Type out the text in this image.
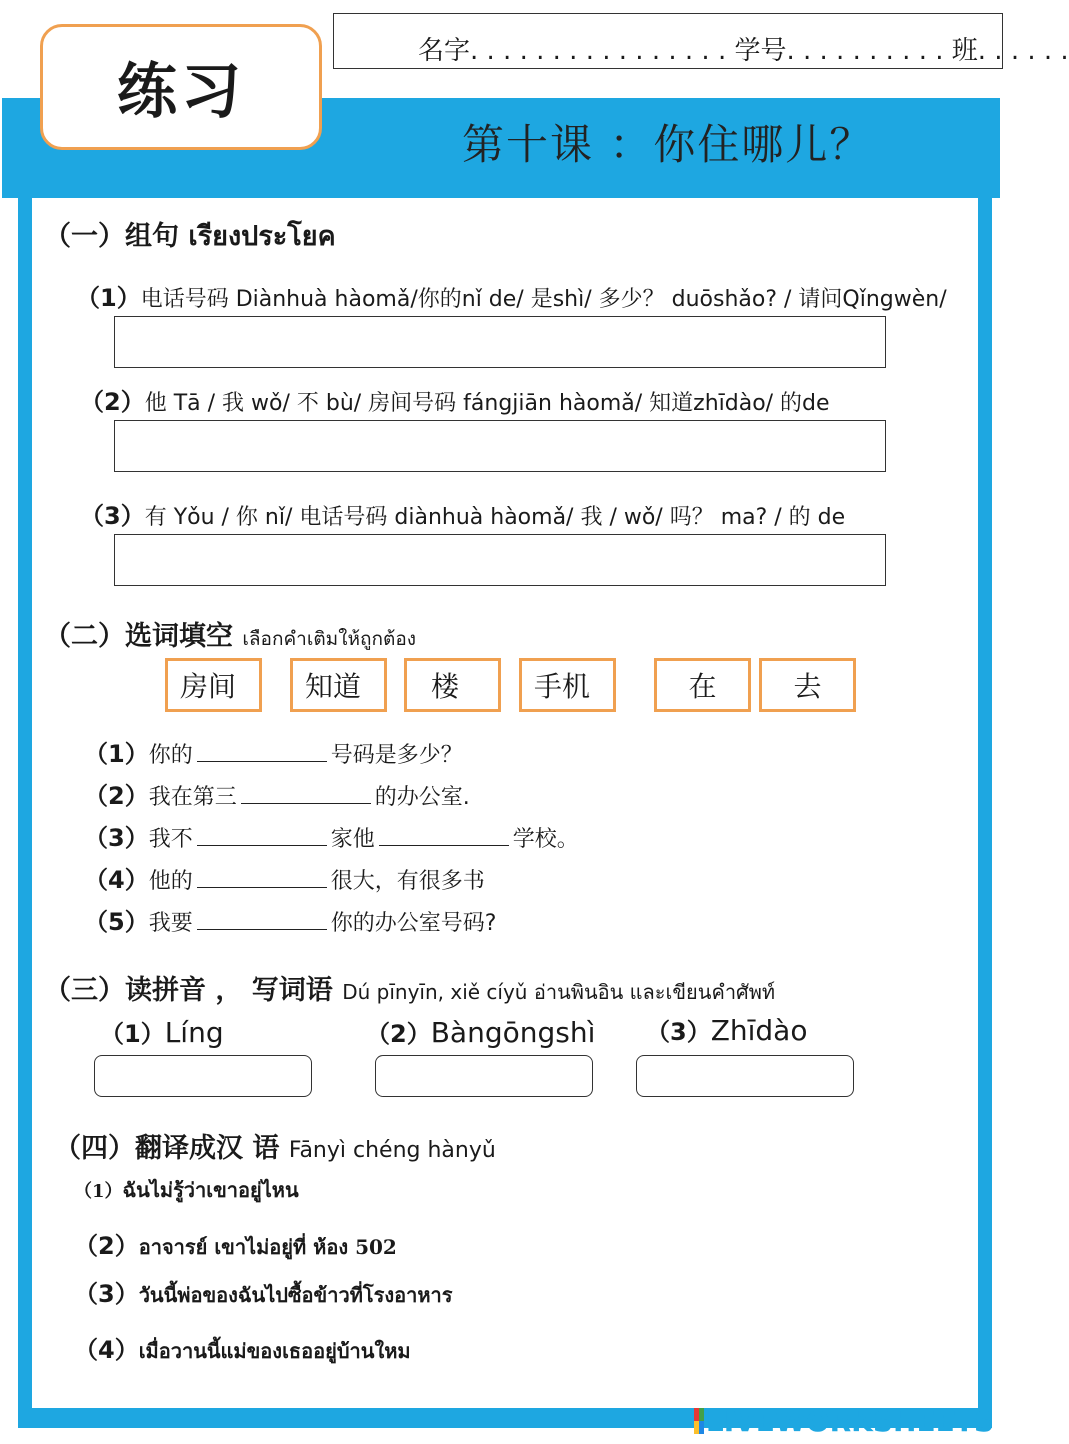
练习
名字. . . . . . . . . . . . . . . . 学号. . . . . . . . . . 班. . . . . .
第十课 ：你住哪儿？
（一）组句 เรียงประโยค
（1）电话号码 Diànhuà hàomǎ/你的nǐ de/ 是shì/ 多少？ duōshǎo? / 请问Qǐngwèn/
（2）他 Tā / 我 wǒ/ 不 bù/ 房间号码 fángjiān hàomǎ/ 知道zhīdào/ 的de
（3）有 Yǒu / 你 nǐ/ 电话号码 diànhuà hàomǎ/ 我 / wǒ/ 吗？ ma? / 的 de
（二）选词填空 เลือกคำเติมให้ถูกต้อง
房间	知道	楼	手机	在	去
（1）你的	号码是多少？
（2）我在第三	的办公室.
（3）我不	家他	学校。
（4）他的	很大，有很多书
（5）我要	你的办公室号码?
（三）读拼音 ， 写词语 Dú pīnyīn, xiě cíyǔ อ่านพินอิน และเขียนคำศัพท์
（1）Líng	（2）Bàngōngshì （3）Zhīdào
（四）翻译成汉 语 Fānyì chéng hànyǔ
（1）ฉันไม่รู้ว่าเขาอยู่ไหน
（2）อาจารย์ เขาไม่อยู่ที่ ห้อง 502
（3）วันนี้พ่อของฉันไปซื้อข้าวที่โรงอาหาร
（4）เมื่อวานนี้แม่ของเธออยู่บ้านใหม
LIVEWORKSHEETS
